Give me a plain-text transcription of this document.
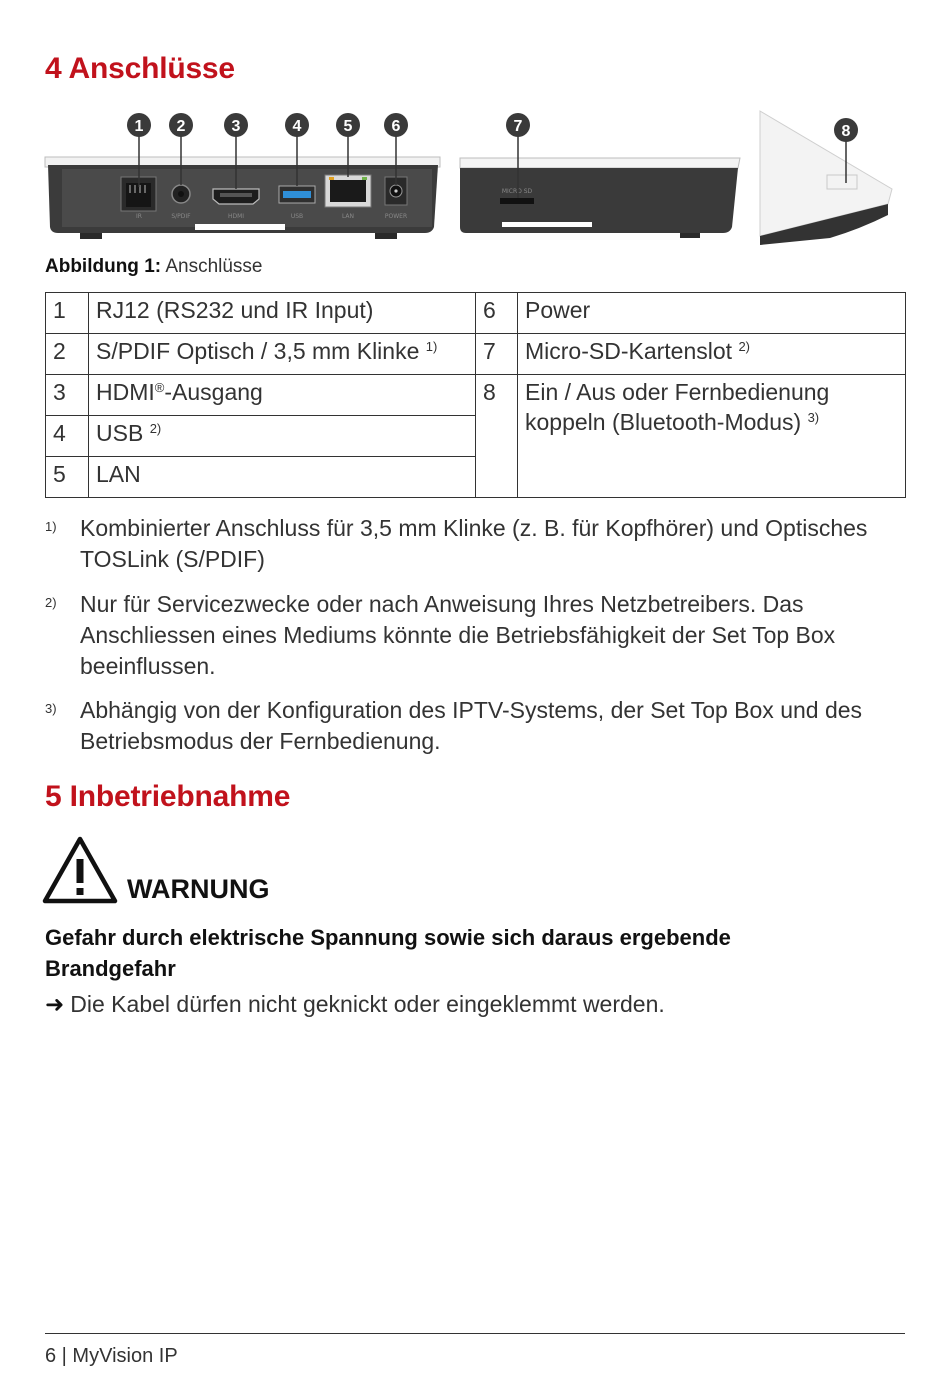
4 Anschlüsse
IR	S/PDIF	HDMI	USB	LAN	POWER
MICRO SD
1 2	3	4	5 6	7	8
Abbildung 1: Anschlüsse
1	RJ12 (RS232 und IR Input)	6	Power
2	S/PDIF Optisch / 3,5 mm Klinke $^{1)}$	7	Micro-SD-Kartenslot $^{2)}$
3	HDMI®-Ausgang	8	Ein / Aus oder Fernbedienung koppeln (Bluetooth-Modus) $^{3)}$
4	USB $^{2)}$
5	LAN		
1) Kombinierter Anschluss für 3,5 mm Klinke (z. B. für Kopfhörer) und Optisches TOSLink (S/PDIF)
2) Nur für Servicezwecke oder nach Anweisung Ihres Netzbetreibers. Das Anschliessen eines Mediums könnte die Betriebsfähigkeit der Set Top Box beeinflussen.
3) Abhängig von der Konfiguration des IPTV-Systems, der Set Top Box und des Betriebsmodus der Fernbedienung.
5 Inbetriebnahme
WARNUNG
Gefahr durch elektrische Spannung sowie sich daraus ergebende Brandgefahr
➜ Die Kabel dürfen nicht geknickt oder eingeklemmt werden.
6 | MyVision IP
